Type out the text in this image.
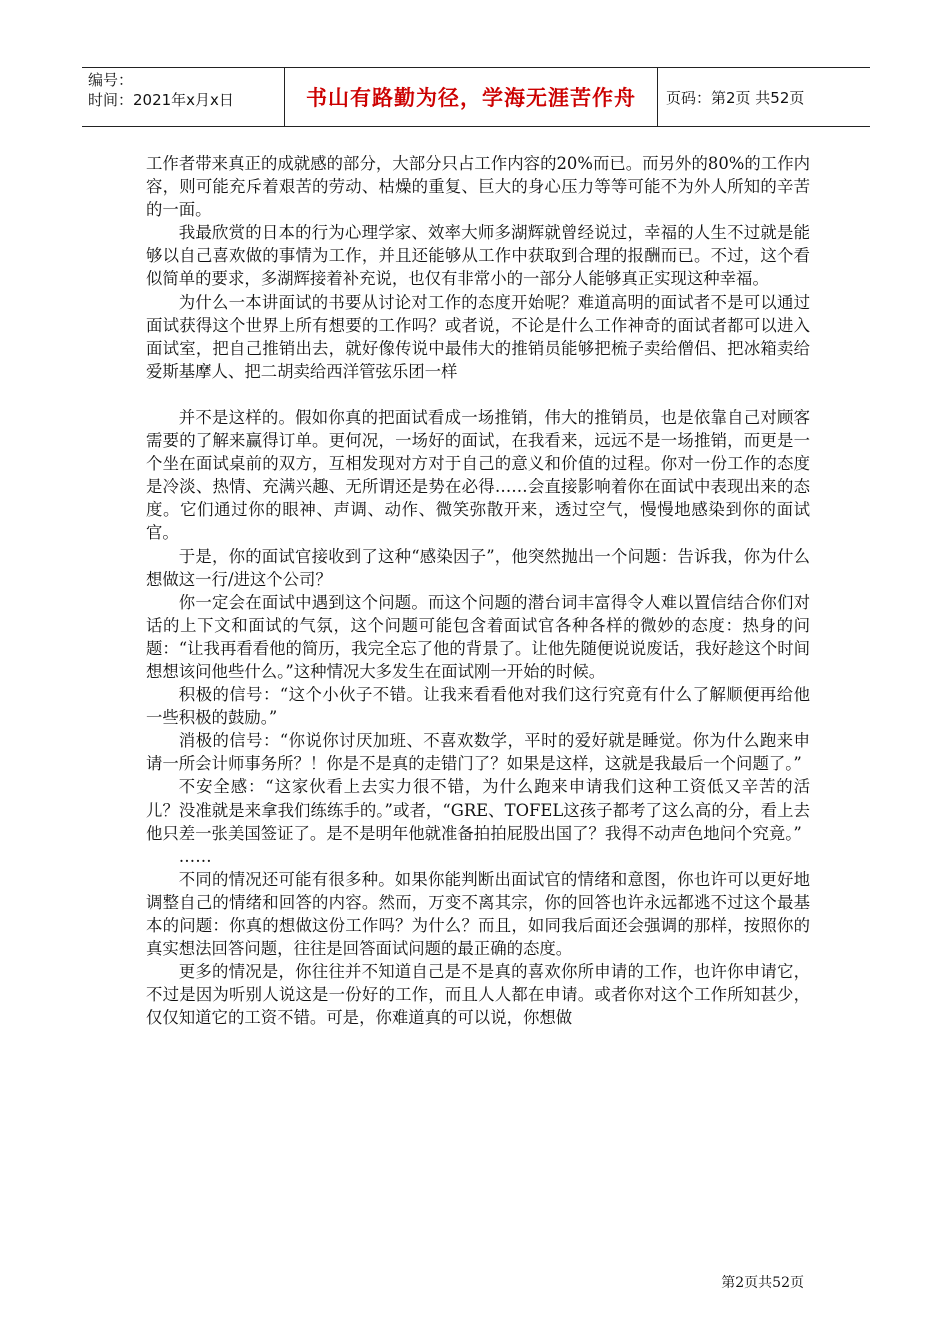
编号：
时间：2021年x月x日	书山有路勤为径，学海无涯苦作舟	页码：第2页 共52页

工作者带来真正的成就感的部分，大部分只占工作内容的20%而已。而另外的80%的工作内容，则可能充斥着艰苦的劳动、枯燥的重复、巨大的身心压力等等可能不为外人所知的辛苦的一面。

我最欣赏的日本的行为心理学家、效率大师多湖辉就曾经说过，幸福的人生不过就是能够以自己喜欢做的事情为工作，并且还能够从工作中获取到合理的报酬而已。不过，这个看似简单的要求，多湖辉接着补充说，也仅有非常小的一部分人能够真正实现这种幸福。

为什么一本讲面试的书要从讨论对工作的态度开始呢？难道高明的面试者不是可以通过面试获得这个世界上所有想要的工作吗？或者说，不论是什么工作神奇的面试者都可以进入面试室，把自己推销出去，就好像传说中最伟大的推销员能够把梳子卖给僧侣、把冰箱卖给爱斯基摩人、把二胡卖给西洋管弦乐团一样

并不是这样的。假如你真的把面试看成一场推销，伟大的推销员，也是依靠自己对顾客需要的了解来赢得订单。更何况，一场好的面试，在我看来，远远不是一场推销，而更是一个坐在面试桌前的双方，互相发现对方对于自己的意义和价值的过程。你对一份工作的态度是冷淡、热情、充满兴趣、无所谓还是势在必得……会直接影响着你在面试中表现出来的态度。它们通过你的眼神、声调、动作、微笑弥散开来，透过空气，慢慢地感染到你的面试官。

于是，你的面试官接收到了这种“感染因子”，他突然抛出一个问题：告诉我，你为什么想做这一行/进这个公司？

你一定会在面试中遇到这个问题。而这个问题的潜台词丰富得令人难以置信结合你们对话的上下文和面试的气氛，这个问题可能包含着面试官各种各样的微妙的态度：热身的问题：“让我再看看他的简历，我完全忘了他的背景了。让他先随便说说废话，我好趁这个时间想想该问他些什么。”这种情况大多发生在面试刚一开始的时候。

积极的信号：“这个小伙子不错。让我来看看他对我们这行究竟有什么了解顺便再给他一些积极的鼓励。”

消极的信号：“你说你讨厌加班、不喜欢数学，平时的爱好就是睡觉。你为什么跑来申请一所会计师事务所？！你是不是真的走错门了？如果是这样，这就是我最后一个问题了。”

不安全感：“这家伙看上去实力很不错，为什么跑来申请我们这种工资低又辛苦的活儿？没准就是来拿我们练练手的。”或者，“GRE、TOFEL这孩子都考了这么高的分，看上去他只差一张美国签证了。是不是明年他就准备拍拍屁股出国了？我得不动声色地问个究竟。”

……

不同的情况还可能有很多种。如果你能判断出面试官的情绪和意图，你也许可以更好地调整自己的情绪和回答的内容。然而，万变不离其宗，你的回答也许永远都逃不过这个最基本的问题：你真的想做这份工作吗？为什么？而且，如同我后面还会强调的那样，按照你的真实想法回答问题，往往是回答面试问题的最正确的态度。

更多的情况是，你往往并不知道自己是不是真的喜欢你所申请的工作，也许你申请它，不过是因为听别人说这是一份好的工作，而且人人都在申请。或者你对这个工作所知甚少，仅仅知道它的工资不错。可是，你难道真的可以说，你想做

第2页共52页
